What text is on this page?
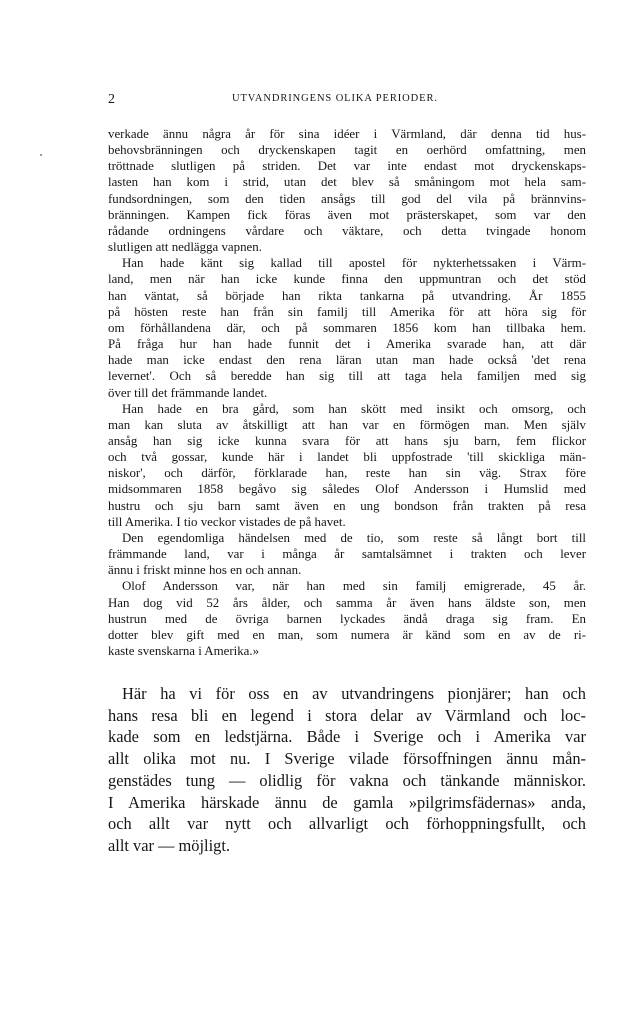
2	UTVANDRINGENS OLIKA PERIODER.
verkade ännu några år för sina idéer i Värmland, där denna tid hus-
behovsbränningen och dryckenskapen tagit en oerhörd omfattning, men
tröttnade slutligen på striden. Det var inte endast mot dryckenskaps-
lasten han kom i strid, utan det blev så småningom mot hela sam-
fundsordningen, som den tiden ansågs till god del vila på brännvins-
bränningen. Kampen fick föras även mot prästerskapet, som var den
rådande ordningens vårdare och väktare, och detta tvingade honom
slutligen att nedlägga vapnen.
Han hade känt sig kallad till apostel för nykterhetssaken i Värm-
land, men när han icke kunde finna den uppmuntran och det stöd
han väntat, så började han rikta tankarna på utvandring. År 1855
på hösten reste han från sin familj till Amerika för att höra sig för
om förhållandena där, och på sommaren 1856 kom han tillbaka hem.
På fråga hur han hade funnit det i Amerika svarade han, att där
hade man icke endast den rena läran utan man hade också 'det rena
levernet'. Och så beredde han sig till att taga hela familjen med sig
över till det främmande landet.
Han hade en bra gård, som han skött med insikt och omsorg, och
man kan sluta av åtskilligt att han var en förmögen man. Men själv
ansåg han sig icke kunna svara för att hans sju barn, fem flickor
och två gossar, kunde här i landet bli uppfostrade 'till skickliga män-
niskor', och därför, förklarade han, reste han sin väg. Strax före
midsommaren 1858 begåvo sig således Olof Andersson i Humslid med
hustru och sju barn samt även en ung bondson från trakten på resa
till Amerika. I tio veckor vistades de på havet.
Den egendomliga händelsen med de tio, som reste så långt bort till
främmande land, var i många år samtalsämnet i trakten och lever
ännu i friskt minne hos en och annan.
Olof Andersson var, när han med sin familj emigrerade, 45 år.
Han dog vid 52 års ålder, och samma år även hans äldste son, men
hustrun med de övriga barnen lyckades ändå draga sig fram. En
dotter blev gift med en man, som numera är känd som en av de ri-
kaste svenskarna i Amerika.»
Här ha vi för oss en av utvandringens pionjärer; han och
hans resa bli en legend i stora delar av Värmland och loc-
kade som en ledstjärna. Både i Sverige och i Amerika var
allt olika mot nu. I Sverige vilade försoffningen ännu mån-
genstädes tung — olidlig för vakna och tänkande människor.
I Amerika härskade ännu de gamla »pilgrimsfädernas» anda,
och allt var nytt och allvarligt och förhoppningsfullt, och
allt var — möjligt.
